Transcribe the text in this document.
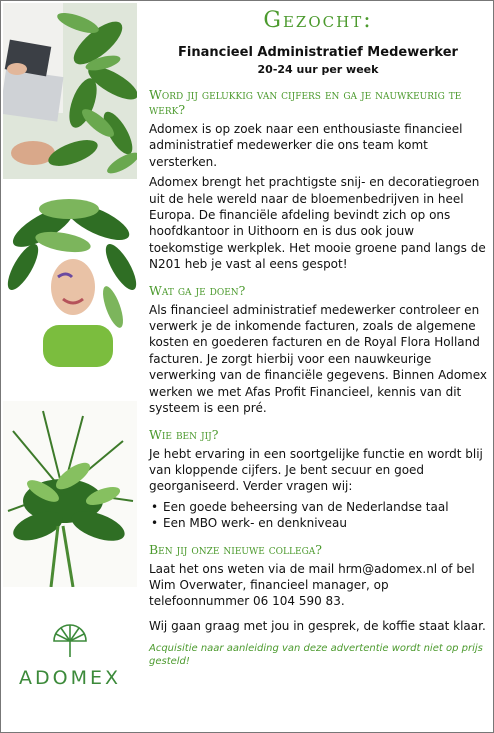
ADOMEX
Gezocht:
Financieel Administratief Medewerker
20-24 uur per week
Word jij gelukkig van cijfers en ga je nauwkeurig te werk?

Adomex is op zoek naar een enthousiaste financieel administratief medewerker die ons team komt versterken.

Adomex brengt het prachtigste snij- en decoratiegroen uit de hele wereld naar de bloemenbedrijven in heel Europa. De financiële afdeling bevindt zich op ons hoofdkantoor in Uithoorn en is dus ook jouw toekomstige werkplek. Het mooie groene pand langs de N201 heb je vast al eens gespot!

Wat ga je doen?

Als financieel administratief medewerker controleer en verwerk je de inkomende facturen, zoals de algemene kosten en goederen facturen en de Royal Flora Holland facturen. Je zorgt hierbij voor een nauwkeurige verwerking van de financiële gegevens. Binnen Adomex werken we met Afas Profit Financieel, kennis van dit systeem is een pré.

Wie ben jij?

Je hebt ervaring in een soortgelijke functie en wordt blij van kloppende cijfers. Je bent secuur en goed georganiseerd. Verder vragen wij:

• Een goede beheersing van de Nederlandse taal
• Een MBO werk- en denkniveau
Ben jij onze nieuwe collega?

Laat het ons weten via de mail hrm@adomex.nl of bel Wim Overwater, financieel manager, op telefoonnummer 06 104 590 83.

Wij gaan graag met jou in gesprek, de koffie staat klaar.

Acquisitie naar aanleiding van deze advertentie wordt niet op prijs gesteld!
